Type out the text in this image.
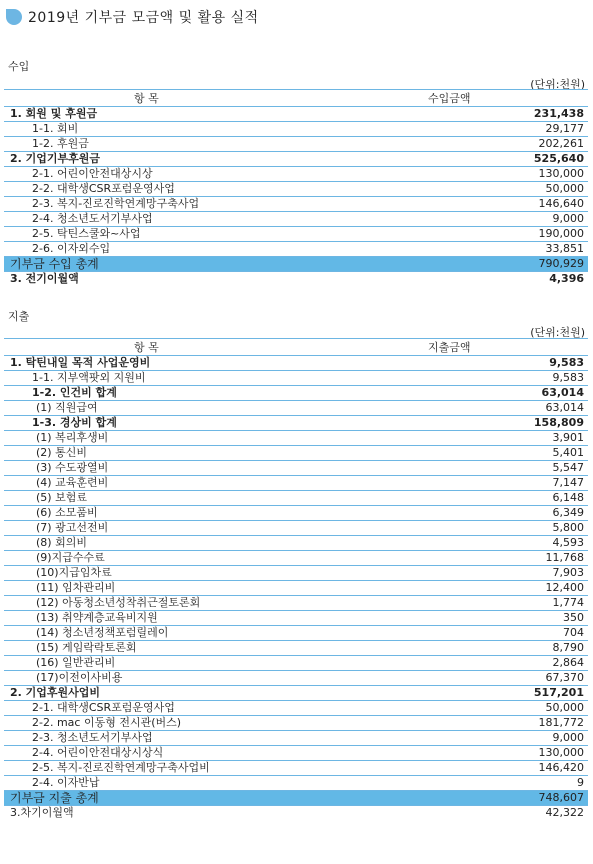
2019년 기부금 모금액 및 활용 실적
수입
(단위:천원)
항 목	수입금액
1. 회원 및 후원금	231,438
1-1. 회비	29,177
1-2. 후원금	202,261
2. 기업기부후원금	525,640
2-1. 어린이안전대상시상	130,000
2-2. 대학생CSR포럼운영사업	50,000
2-3. 복지-진로진학연계망구축사업	146,640
2-4. 청소년도서기부사업	9,000
2-5. 탁틴스쿨와~사업	190,000
2-6. 이자외수입	33,851
기부금 수입 총계	790,929
3. 전기이월액	4,396
지출
(단위:천원)
항 목	지출금액
1. 탁틴내일 목적 사업운영비	9,583
1-1. 지부액팟외 지원비	9,583
1-2. 인건비 합계	63,014
(1) 직원급여	63,014
1-3. 경상비 합계	158,809
(1) 복리후생비	3,901
(2) 통신비	5,401
(3) 수도광열비	5,547
(4) 교육훈련비	7,147
(5) 보험료	6,148
(6) 소모품비	6,349
(7) 광고선전비	5,800
(8) 회의비	4,593
(9)지급수수료	11,768
(10)지급임차료	7,903
(11) 임차관리비	12,400
(12) 아동청소년성착취근절토론회	1,774
(13) 취약계층교육비지원	350
(14) 청소년정책포럼릴레이	704
(15) 게임락락토론회	8,790
(16) 일반관리비	2,864
(17)이전이사비용	67,370
2. 기업후원사업비	517,201
2-1. 대학생CSR포럼운영사업	50,000
2-2. mac 이동형 전시관(버스)	181,772
2-3. 청소년도서기부사업	9,000
2-4. 어린이안전대상시상식	130,000
2-5. 복지-진로진학연계망구축사업비	146,420
2-4. 이자반납	9
기부금 지출 총계	748,607
3.차기이월액	42,322
